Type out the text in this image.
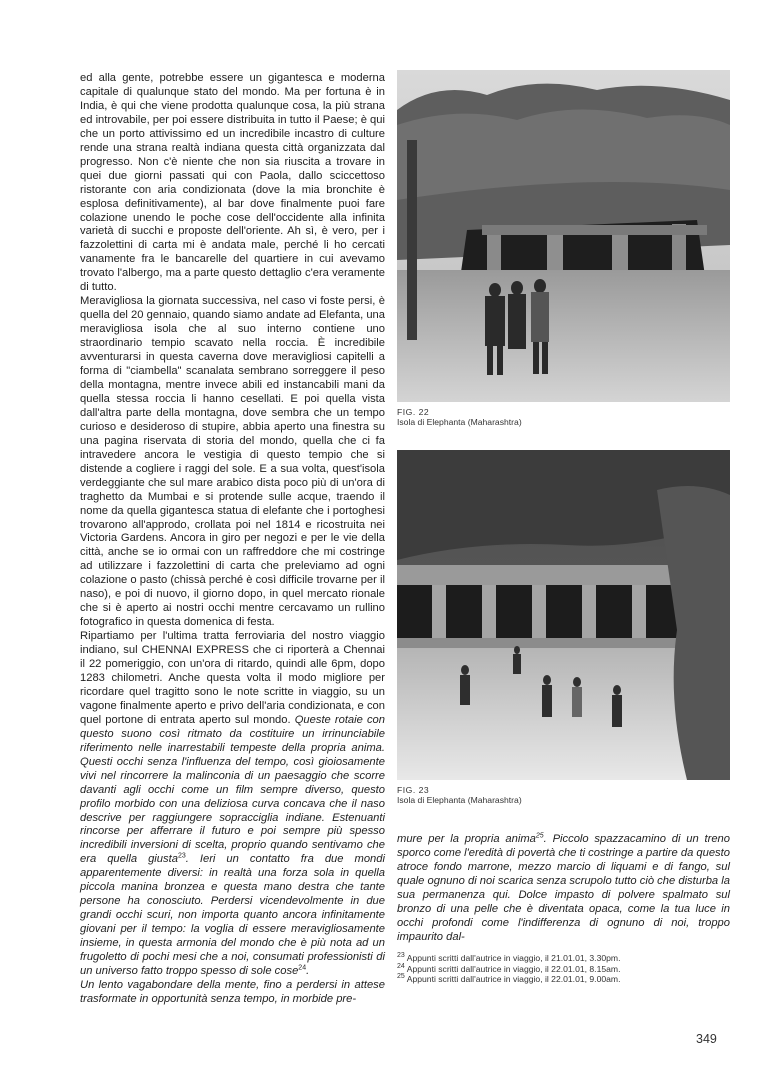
ed alla gente, potrebbe essere un gigantesca e moderna capitale di qualunque stato del mondo. Ma per fortuna è in India, è qui che viene prodotta qualunque cosa, la più strana ed introvabile, per poi essere distribuita in tutto il Paese; è qui che un porto attivissimo ed un incredibile incastro di culture rende una strana realtà indiana questa città organizzata dal progresso. Non c'è niente che non sia riuscita a trovare in quei due giorni passati qui con Paola, dallo sciccettoso ristorante con aria condizionata (dove la mia bronchite è esplosa definitivamente), al bar dove finalmente puoi fare colazione unendo le poche cose dell'occidente alla infinita varietà di succhi e proposte dell'oriente. Ah sì, è vero, per i fazzolettini di carta mi è andata male, perché li ho cercati vanamente fra le bancarelle del quartiere in cui avevamo trovato l'albergo, ma a parte questo dettaglio c'era veramente di tutto.

Meravigliosa la giornata successiva, nel caso vi foste persi, è quella del 20 gennaio, quando siamo andate ad Elefanta, una meravigliosa isola che al suo interno contiene uno straordinario tempio scavato nella roccia. È incredibile avventurarsi in questa caverna dove meravigliosi capitelli a forma di "ciambella" scanalata sembrano sorreggere il peso della montagna, mentre invece abili ed instancabili mani da quella stessa roccia li hanno cesellati. E poi quella vista dall'altra parte della montagna, dove sembra che un tempo curioso e desideroso di stupire, abbia aperto una finestra su una pagina riservata di storia del mondo, quella che ci fa intravedere ancora le vestigia di questo tempio che si distende a cogliere i raggi del sole. E a sua volta, quest'isola verdeggiante che sul mare arabico dista poco più di un'ora di traghetto da Mumbai e si protende sulle acque, traendo il nome da quella gigantesca statua di elefante che i portoghesi trovarono all'approdo, crollata poi nel 1814 e ricostruita nei Victoria Gardens. Ancora in giro per negozi e per le vie della città, anche se io ormai con un raffreddore che mi costringe ad utilizzare i fazzolettini di carta che preleviamo ad ogni colazione o pasto (chissà perché è così difficile trovarne per il naso), e poi di nuovo, il giorno dopo, in quel mercato rionale che si è aperto ai nostri occhi mentre cercavamo un rullino fotografico in questa domenica di festa.

Ripartiamo per l'ultima tratta ferroviaria del nostro viaggio indiano, sul CHENNAI EXPRESS che ci riporterà a Chennai il 22 pomeriggio, con un'ora di ritardo, quindi alle 6pm, dopo 1283 chilometri. Anche questa volta il modo migliore per ricordare quel tragitto sono le note scritte in viaggio, su un vagone finalmente aperto e privo dell'aria condizionata, e con quel portone di entrata aperto sul mondo. Queste rotaie con questo suono così ritmato da costituire un irrinunciabile riferimento nelle inarrestabili tempeste della propria anima. Questi occhi senza l'influenza del tempo, così gioiosamente vivi nel rincorrere la malinconia di un paesaggio che scorre davanti agli occhi come un film sempre diverso, questo profilo morbido con una deliziosa curva concava che il naso descrive per raggiungere sopracciglia indiane. Estenuanti rincorse per afferrare il futuro e poi sempre più spesso incredibili inversioni di scelta, proprio quando sentivamo che era quella giusta$^{23}$. Ieri un contatto fra due mondi apparentemente diversi: in realtà una forza sola in quella piccola manina bronzea e questa mano destra che tante persone ha conosciuto. Perdersi vicendevolmente in due grandi occhi scuri, non importa quanto ancora infinitamente giovani per il tempo: la voglia di essere meravigliosamente insieme, in questa armonia del mondo che è più nota ad un frugoletto di pochi mesi che a noi, consumati professionisti di un universo fatto troppo spesso di sole cose$^{24}$.

Un lento vagabondare della mente, fino a perdersi in attese trasformate in opportunità senza tempo, in morbide pre-

FIG. 22
Isola di Elephanta (Maharashtra)
FIG. 23
Isola di Elephanta (Maharashtra)

mure per la propria anima$^{25}$. Piccolo spazzacamino di un treno sporco come l'eredità di povertà che ti costringe a partire da questo atroce fondo marrone, mezzo marcio di liquami e di fango, sul quale ognuno di noi scarica senza scrupolo tutto ciò che disturba la sua permanenza qui. Dolce impasto di polvere spalmato sul bronzo di una pelle che è diventata opaca, come la tua luce in occhi profondi come l'indifferenza di ognuno di noi, troppo impaurito dal-

$^{23}$ Appunti scritti dall'autrice in viaggio, il 21.01.01, 3.30pm.
$^{24}$ Appunti scritti dall'autrice in viaggio, il 22.01.01, 8.15am.
$^{25}$ Appunti scritti dall'autrice in viaggio, il 22.01.01, 9.00am.
349
